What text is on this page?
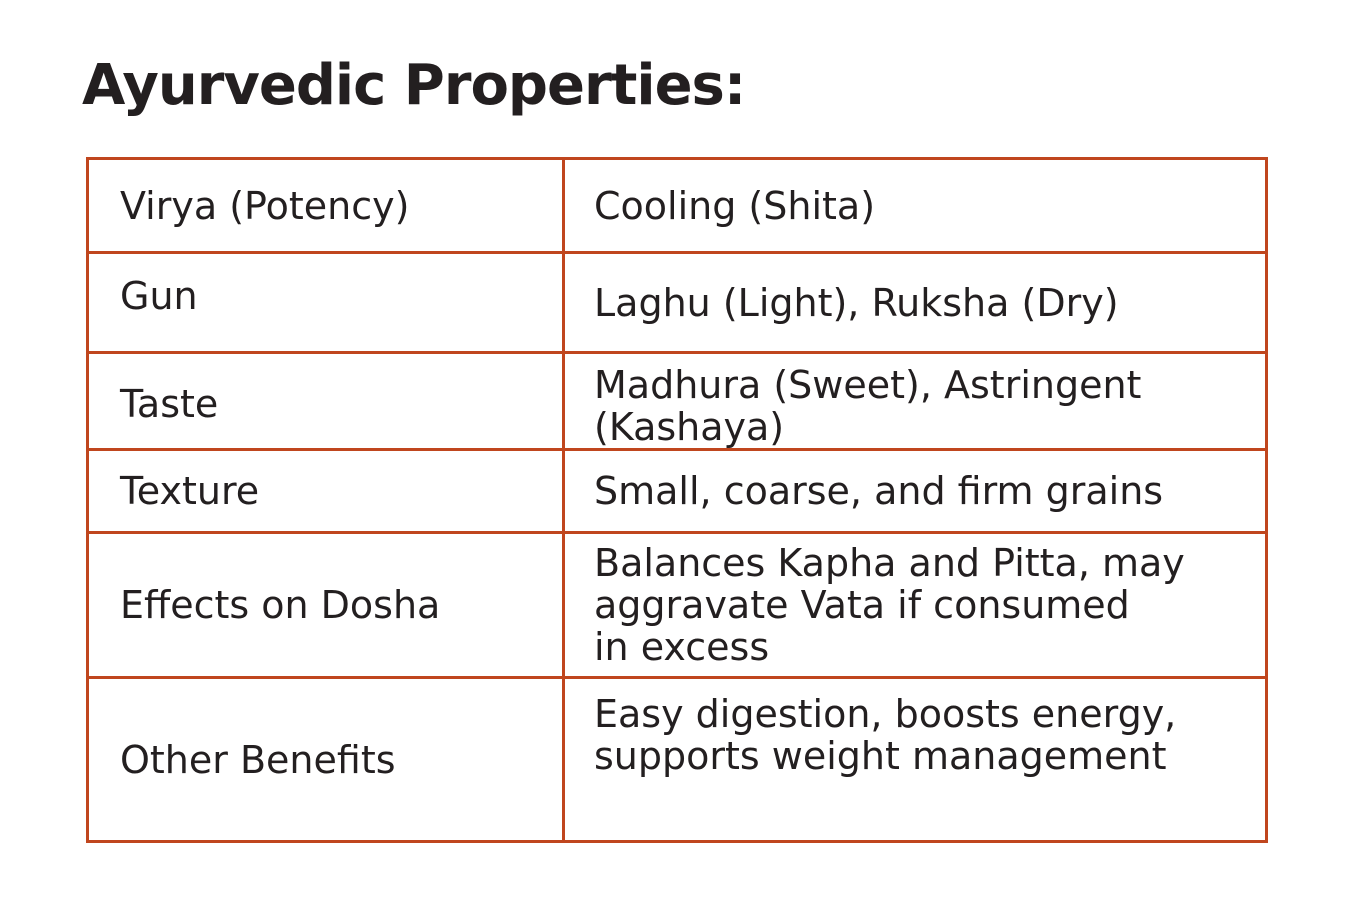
Ayurvedic Properties:
Virya (Potency)	Cooling (Shita)

Gun	Laghu (Light), Ruksha (Dry)

Taste	Madhura (Sweet), Astringent
(Kashaya)

Texture	Small, coarse, and firm grains

Effects on Dosha	Balances Kapha and Pitta, may
aggravate Vata if consumed
in excess

Other Benefits	Easy digestion, boosts energy,
supports weight management
